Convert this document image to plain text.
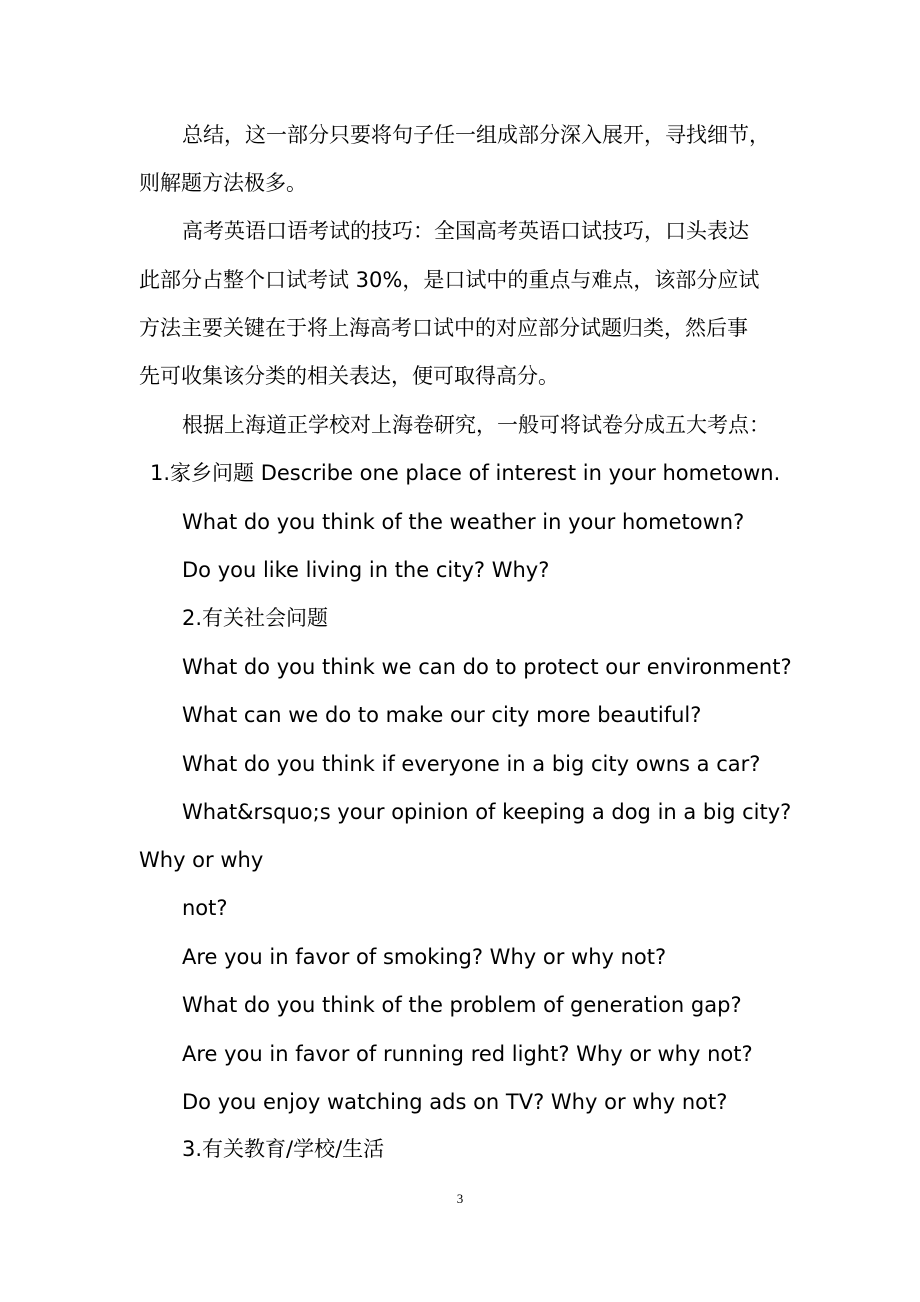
总结，这一部分只要将句子任一组成部分深入展开，寻找细节，
则解题方法极多。
高考英语口语考试的技巧：全国高考英语口试技巧，口头表达
此部分占整个口试考试 30%，是口试中的重点与难点，该部分应试
方法主要关键在于将上海高考口试中的对应部分试题归类，然后事
先可收集该分类的相关表达，便可取得高分。
根据上海道正学校对上海卷研究，一般可将试卷分成五大考点：
1.家乡问题 Describe one place of interest in your hometown.
What do you think of the weather in your hometown?
Do you like living in the city? Why?
2.有关社会问题
What do you think we can do to protect our environment?
What can we do to make our city more beautiful?
What do you think if everyone in a big city owns a car?
What&rsquo;s your opinion of keeping a dog in a big city?
Why or why
not?
Are you in favor of smoking? Why or why not?
What do you think of the problem of generation gap?
Are you in favor of running red light? Why or why not?
Do you enjoy watching ads on TV? Why or why not?
3.有关教育/学校/生活
3
